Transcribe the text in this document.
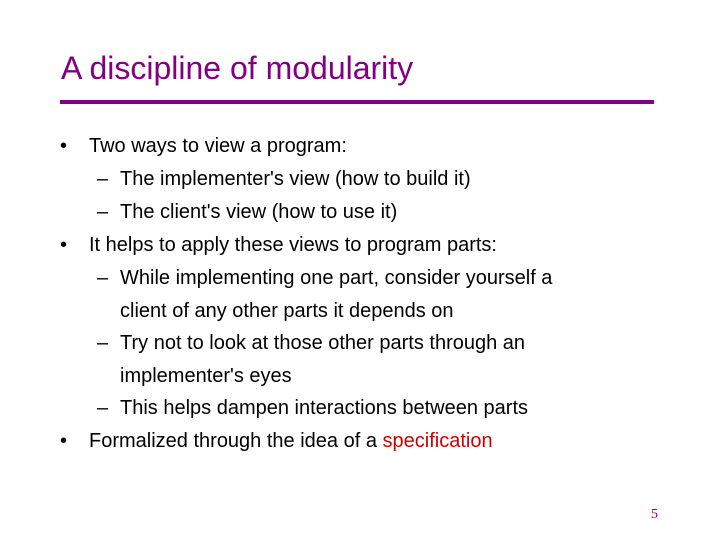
A discipline of modularity
• Two ways to view a program:
– The implementer's view (how to build it)
– The client's view (how to use it)
• It helps to apply these views to program parts:
– While implementing one part, consider yourself a
client of any other parts it depends on
– Try not to look at those other parts through an
implementer's eyes
– This helps dampen interactions between parts
• Formalized through the idea of a specification
5
